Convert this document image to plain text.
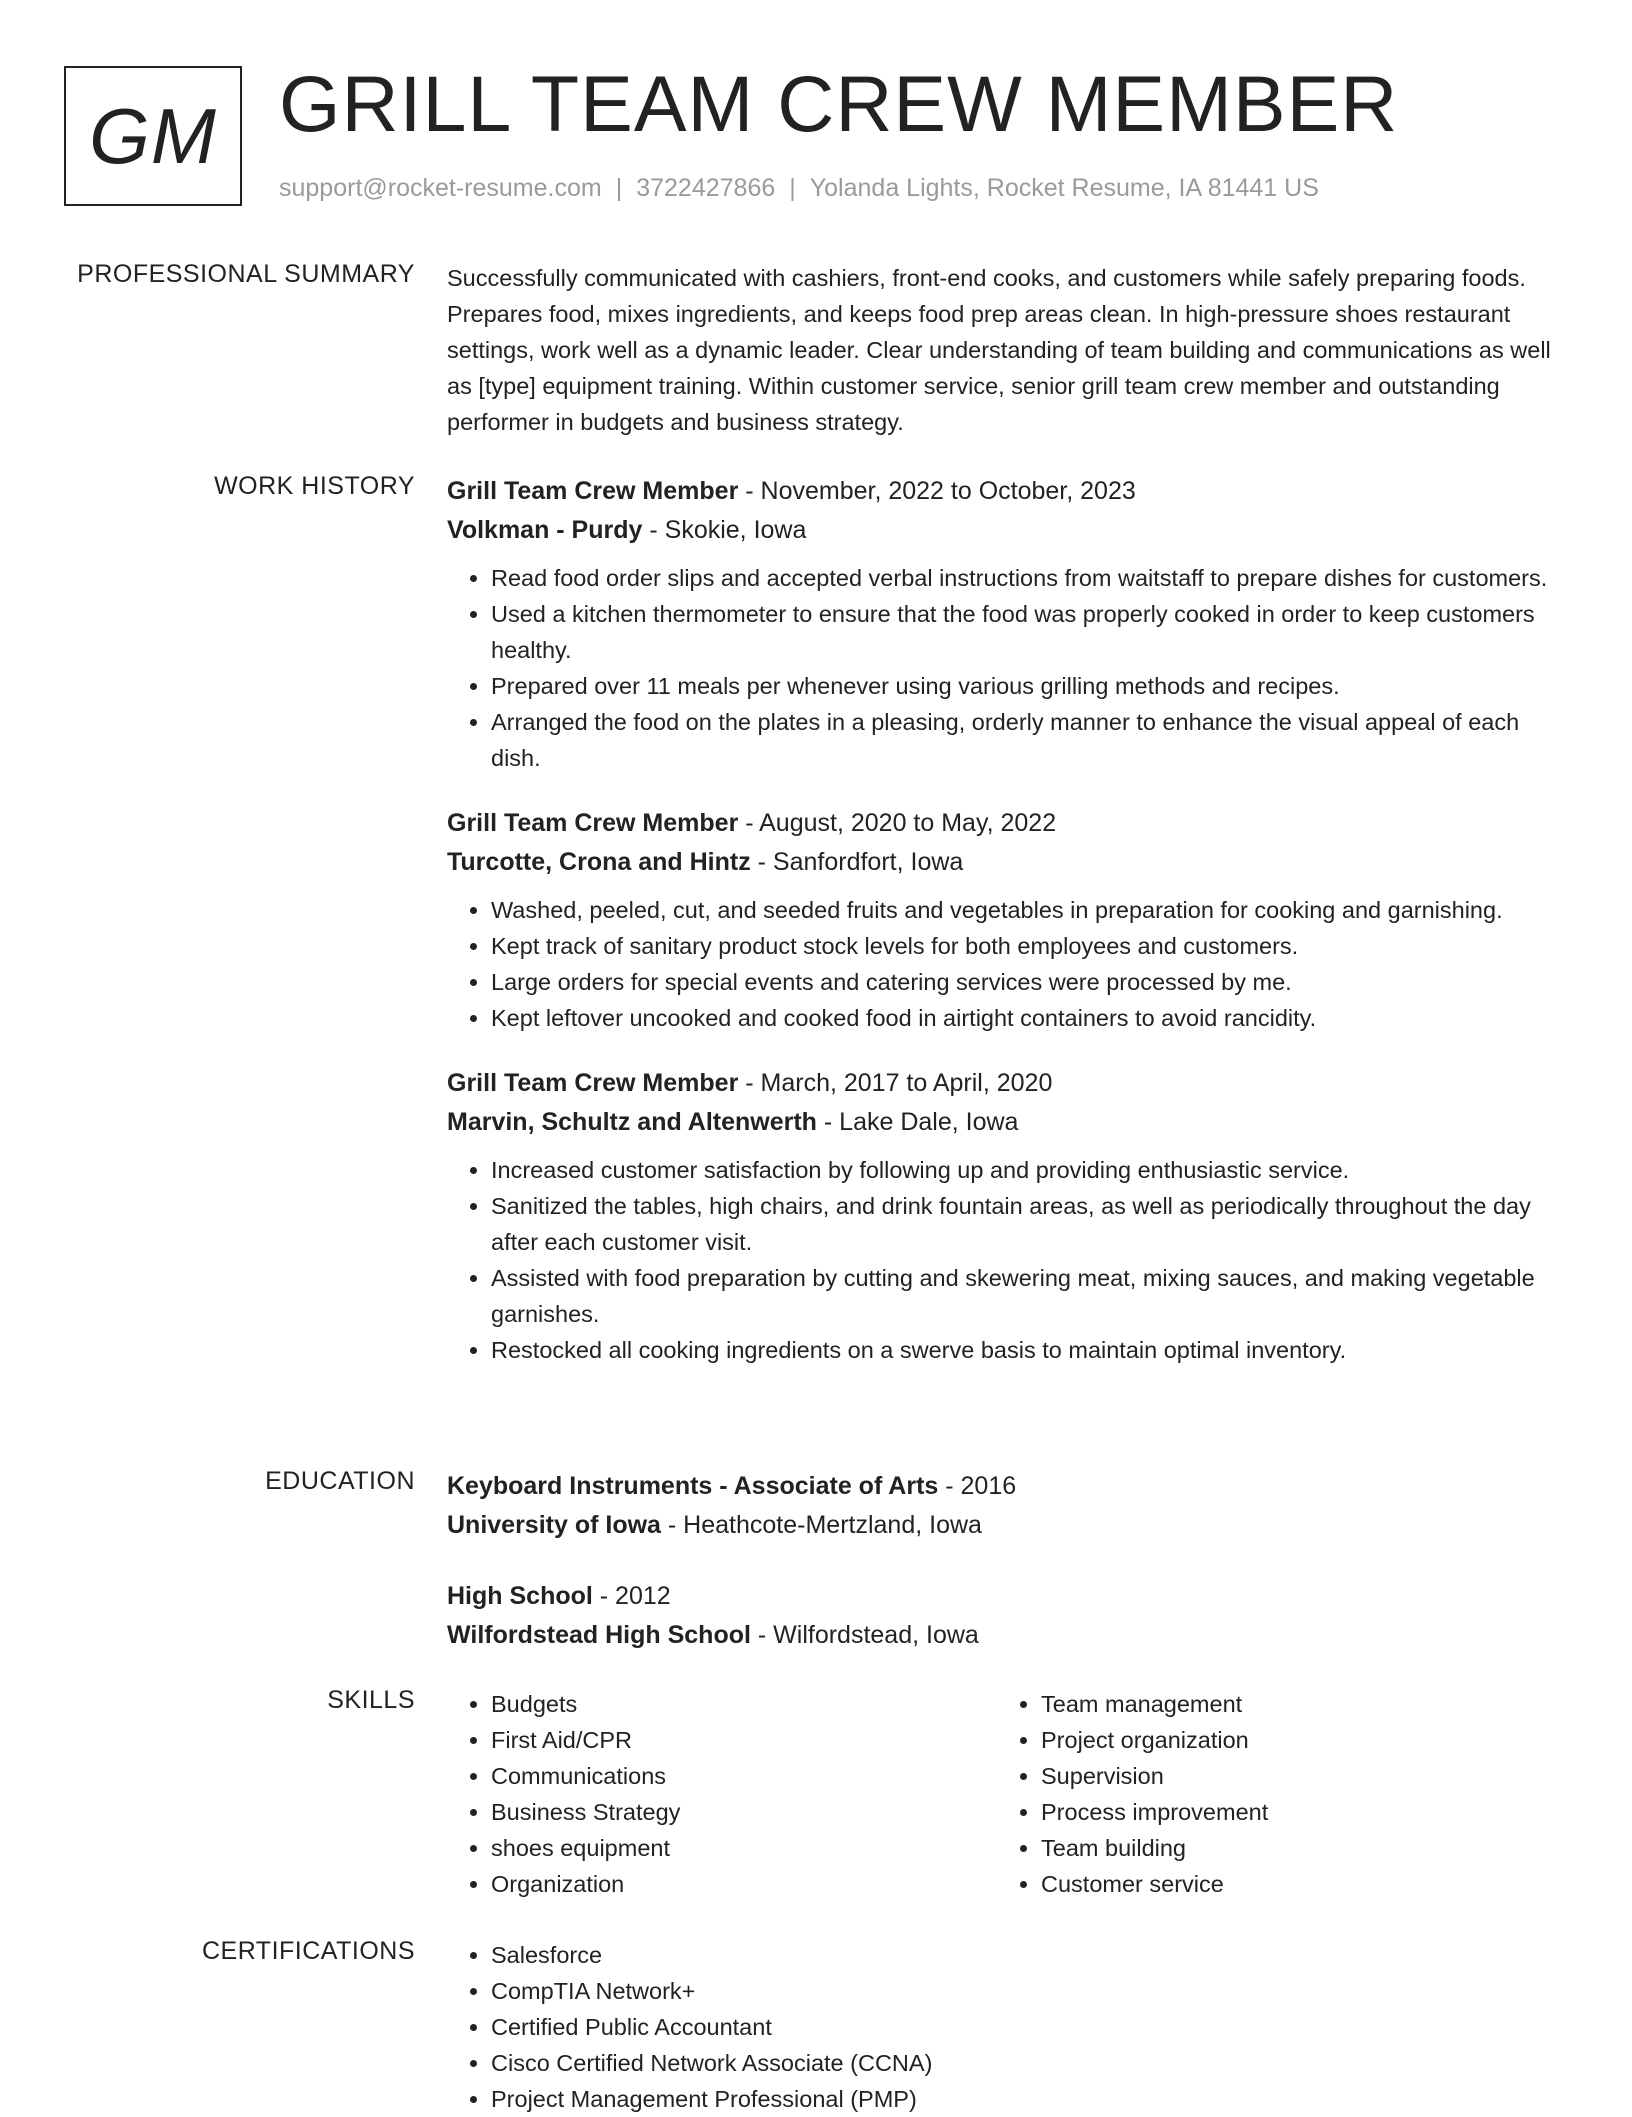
GM GRILL TEAM CREW MEMBER
support@rocket-resume.com | 3722427866 | Yolanda Lights, Rocket Resume, IA 81441 US
PROFESSIONAL SUMMARY Successfully communicated with cashiers, front-end cooks, and customers while safely preparing foods. Prepares food, mixes ingredients, and keeps food prep areas clean. In high-pressure shoes restaurant settings, work well as a dynamic leader. Clear understanding of team building and communications as well as [type] equipment training. Within customer service, senior grill team crew member and outstanding performer in budgets and business strategy.

WORK HISTORY Grill Team Crew Member - November, 2022 to October, 2023
Volkman - Purdy - Skokie, Iowa
• Read food order slips and accepted verbal instructions from waitstaff to prepare dishes for customers.
• Used a kitchen thermometer to ensure that the food was properly cooked in order to keep customers healthy.
• Prepared over 11 meals per whenever using various grilling methods and recipes.
• Arranged the food on the plates in a pleasing, orderly manner to enhance the visual appeal of each dish.
Grill Team Crew Member - August, 2020 to May, 2022
Turcotte, Crona and Hintz - Sanfordfort, Iowa
• Washed, peeled, cut, and seeded fruits and vegetables in preparation for cooking and garnishing.
• Kept track of sanitary product stock levels for both employees and customers.
• Large orders for special events and catering services were processed by me.
• Kept leftover uncooked and cooked food in airtight containers to avoid rancidity.
Grill Team Crew Member - March, 2017 to April, 2020
Marvin, Schultz and Altenwerth - Lake Dale, Iowa
• Increased customer satisfaction by following up and providing enthusiastic service.
• Sanitized the tables, high chairs, and drink fountain areas, as well as periodically throughout the day after each customer visit.
• Assisted with food preparation by cutting and skewering meat, mixing sauces, and making vegetable garnishes.
• Restocked all cooking ingredients on a swerve basis to maintain optimal inventory.
EDUCATION Keyboard Instruments - Associate of Arts - 2016
University of Iowa - Heathcote-Mertzland, Iowa
High School - 2012
Wilfordstead High School - Wilfordstead, Iowa
SKILLS	• Budgets
• First Aid/CPR
• Communications
• Business Strategy
• shoes equipment
• Organization
• Team management
• Project organization
• Supervision
• Process improvement
• Team building
• Customer service
CERTIFICATIONS	• Salesforce
• CompTIA Network+
• Certified Public Accountant
• Cisco Certified Network Associate (CCNA)
• Project Management Professional (PMP)
